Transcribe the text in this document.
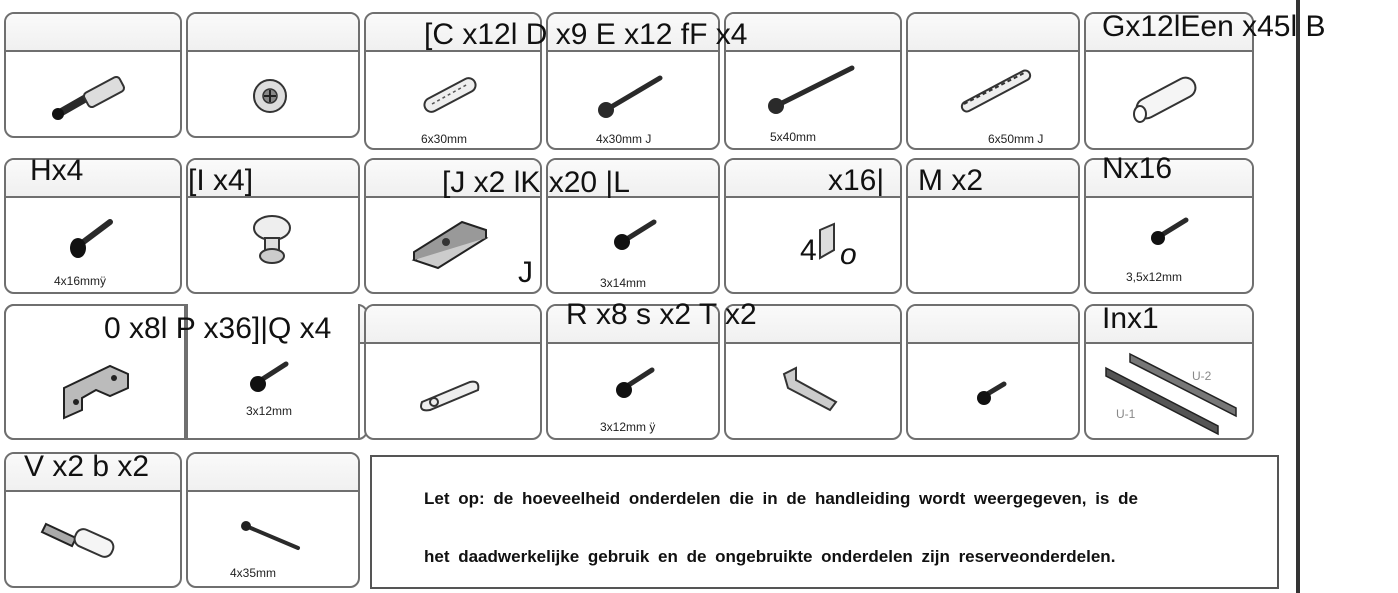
6x30mm	4x30mm J	5x40mm	6x50mm J
4x16mmÿ	3x14mm	3,5x12mm
3x12mm
3x12mm ÿ
U-2
U-1
4x35mm

Let op: de hoeveelheid onderdelen die in de handleiding wordt weergegeven, is de

het daadwerkelijke gebruik en de ongebruikte onderdelen zijn reserveonderdelen.

[C x12l D x9 E x12 fF x4	Gx12lEen x45l B
Hx4	[I x4]	[J x2 lK x20 |L	x16| M x2	Nx16
J
4 o
0 x8l P x36]|Q x4	R x8 s x2 T x2	Inx1
V x2 b x2
